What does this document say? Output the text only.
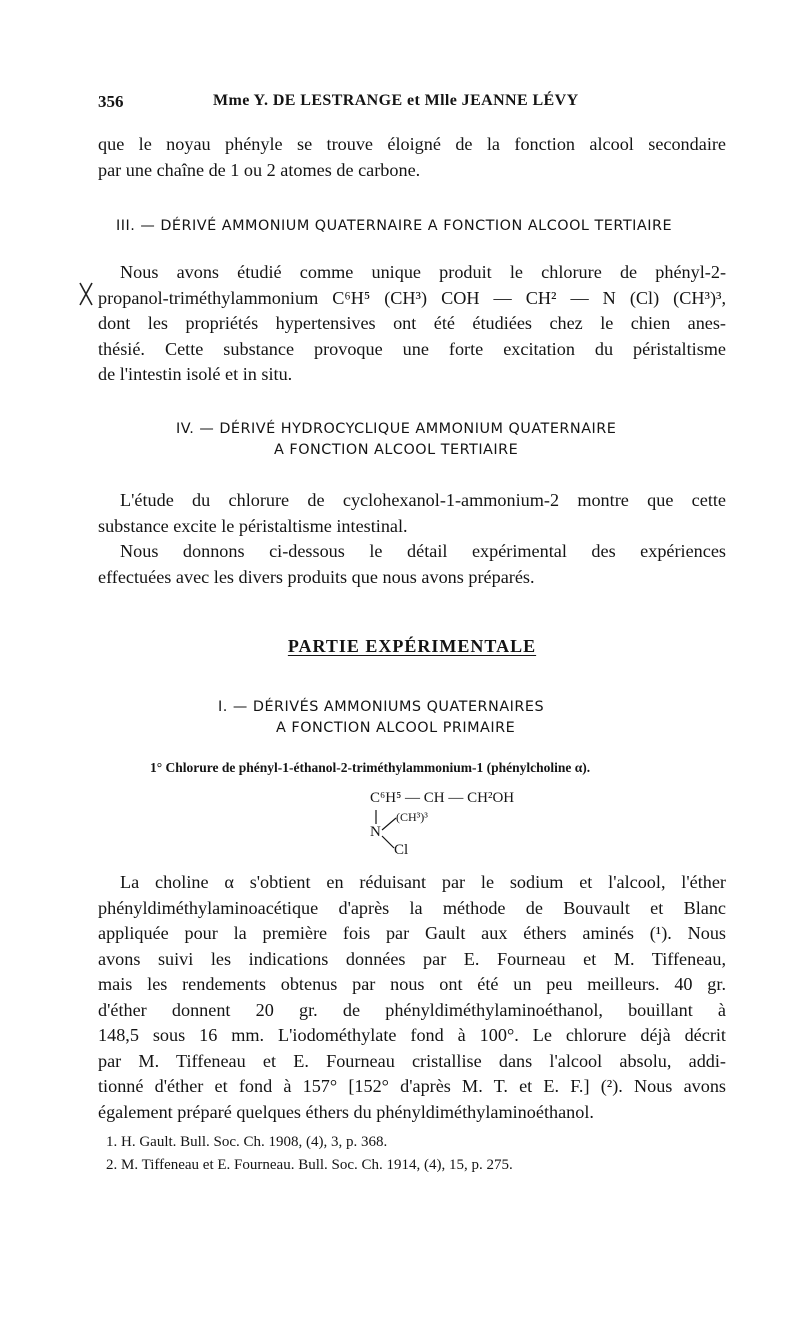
356	Mme Y. DE LESTRANGE et Mlle JEANNE LÉVY
que le noyau phényle se trouve éloigné de la fonction alcool secondaire
par une chaîne de 1 ou 2 atomes de carbone.
III. — DÉRIVÉ AMMONIUM QUATERNAIRE A FONCTION ALCOOL TERTIAIRE
Nous avons étudié comme unique produit le chlorure de phényl-2-
propanol-triméthylammonium C⁶H⁵ (CH³) COH — CH² — N (Cl) (CH³)³,
dont les propriétés hypertensives ont été étudiées chez le chien anes-
thésié. Cette substance provoque une forte excitation du péristaltisme
de l'intestin isolé et in situ.
IV. — DÉRIVÉ HYDROCYCLIQUE AMMONIUM QUATERNAIRE
A FONCTION ALCOOL TERTIAIRE
L'étude du chlorure de cyclohexanol-1-ammonium-2 montre que cette
substance excite le péristaltisme intestinal.
Nous donnons ci-dessous le détail expérimental des expériences
effectuées avec les divers produits que nous avons préparés.
PARTIE EXPÉRIMENTALE
I. — DÉRIVÉS AMMONIUMS QUATERNAIRES
A FONCTION ALCOOL PRIMAIRE
1° Chlorure de phényl-1-éthanol-2-triméthylammonium-1 (phénylcholine α).
C⁶H⁵ — CH — CH²OH
(CH³)³
N
Cl
La choline α s'obtient en réduisant par le sodium et l'alcool, l'éther
phényldiméthylaminoacétique d'après la méthode de Bouvault et Blanc
appliquée pour la première fois par Gault aux éthers aminés (¹). Nous
avons suivi les indications données par E. Fourneau et M. Tiffeneau,
mais les rendements obtenus par nous ont été un peu meilleurs. 40 gr.
d'éther donnent 20 gr. de phényldiméthylaminoéthanol, bouillant à
148,5 sous 16 mm. L'iodométhylate fond à 100°. Le chlorure déjà décrit
par M. Tiffeneau et E. Fourneau cristallise dans l'alcool absolu, addi-
tionné d'éther et fond à 157° [152° d'après M. T. et E. F.] (²). Nous avons
également préparé quelques éthers du phényldiméthylaminoéthanol.
1. H. Gault. Bull. Soc. Ch. 1908, (4), 3, p. 368.
2. M. Tiffeneau et E. Fourneau. Bull. Soc. Ch. 1914, (4), 15, p. 275.
